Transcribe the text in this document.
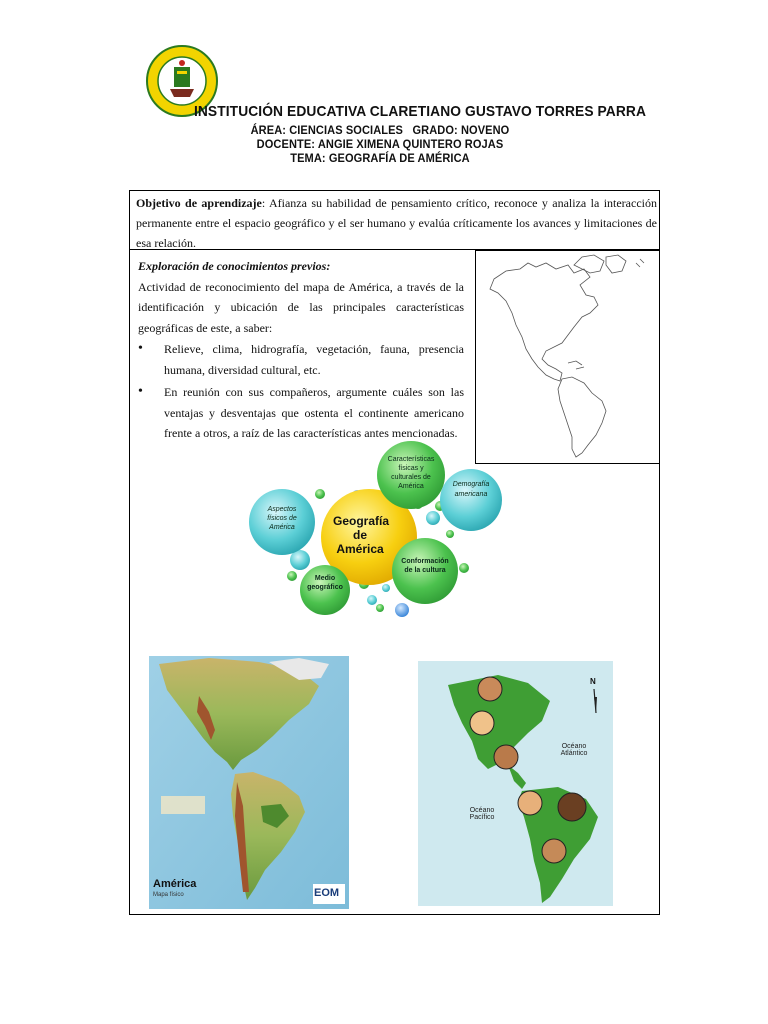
INSTITUCIÓN EDUCATIVA CLARETIANO GUSTAVO TORRES PARRA
ÁREA: CIENCIAS SOCIALES   GRADO: NOVENO
DOCENTE: ANGIE XIMENA QUINTERO ROJAS
TEMA: GEOGRAFÍA DE AMÉRICA
Objetivo de aprendizaje: Afianza su habilidad de pensamiento crítico, reconoce y analiza la interacción permanente entre el espacio geográfico y el ser humano y evalúa críticamente los avances y limitaciones de esa relación.
Exploración de conocimientos previos:
Actividad de reconocimiento del mapa de América, a través de la identificación y ubicación de las principales características geográficas de este, a saber:
• Relieve, clima, hidrografía, vegetación, fauna, presencia humana, diversidad cultural, etc.
• En reunión con sus compañeros, argumente cuáles son las ventajas y desventajas que ostenta el continente americano frente a otros, a raíz de las características antes mencionadas.
Geografía de América
Características físicas y culturales de América	Demografía americana
Aspectos físicos de América
Conformación de la cultura
Medio geográfico
América
Mapa físico	EOM
N
Océano Atlántico
Océano Pacífico
